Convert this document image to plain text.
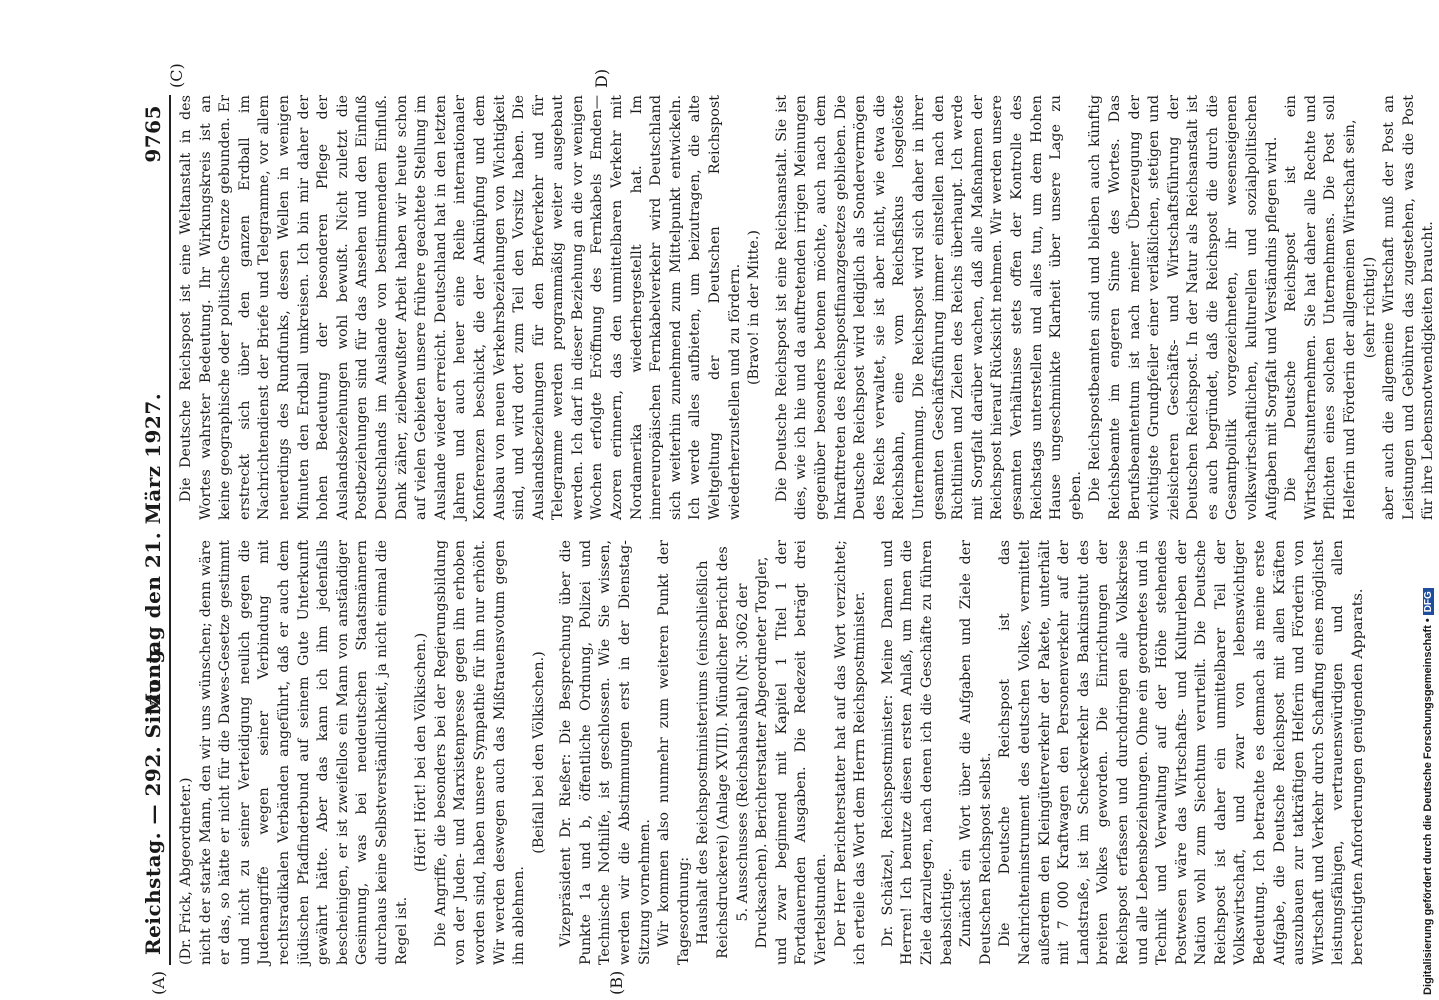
Reichstag. — 292. Sitzung.
Montag den 21. März 1927.
9765
(A)	(B)
(C)	D)

(Dr. Frick, Abgeordneter.) nicht der starke Mann, den wir uns wünschen; denn wäre er das, so hätte er nicht für die Dawes-Gesetze gestimmt und nicht zu seiner Verteidigung neulich gegen die Judenangriffe wegen seiner Verbindung mit rechtsradikalen Verbänden angeführt, daß er auch dem jüdischen Pfadfinderbund auf seinem Gute Unterkunft gewährt hätte. Aber das kann ich ihm jedenfalls bescheinigen, er ist zweifellos ein Mann von anständiger Gesinnung, was bei neudeutschen Staatsmännern durchaus keine Selbstverständlichkeit, ja nicht einmal die Regel ist.

(Hört! Hört! bei den Völkischen.) Die Angriffe, die besonders bei der Regierungsbildung von der Juden- und Marxistenpresse gegen ihn erhoben worden sind, haben unsere Sympathie für ihn nur erhöht. Wir werden deswegen auch das Mißtrauensvotum gegen ihn ablehnen.

(Beifall bei den Völkischen.) Vizepräsident Dr. Rießer: Die Besprechung über die Punkte 1a und b, öffentliche Ordnung, Polizei und Technische Nothilfe, ist geschlossen. Wie Sie wissen, werden wir die Abstimmungen erst in der Dienstag-Sitzung vornehmen. Wir kommen also nunmehr zum weiteren Punkt der Tagesordnung: Haushalt des Reichspostministeriums (einschließlich Reichsdruckerei) (Anlage XVIII). Mündlicher Bericht des 5. Ausschusses (Reichshaushalt) (Nr. 3062 der Drucksachen). Berichterstatter Abgeordneter Torgler, und zwar beginnend mit Kapitel 1 Titel 1 der Fortdauernden Ausgaben. Die Redezeit beträgt drei Viertelstunden. Der Herr Berichterstatter hat auf das Wort verzichtet; ich erteile das Wort dem Herrn Reichspostminister. Dr. Schätzel, Reichspostminister: Meine Damen und Herren! Ich benutze diesen ersten Anlaß, um Ihnen die Ziele darzulegen, nach denen ich die Geschäfte zu führen beabsichtige. Zunächst ein Wort über die Aufgaben und Ziele der Deutschen Reichspost selbst. Die Deutsche Reichspost ist das Nachrichteninstrument des deutschen Volkes, vermittelt außerdem den Kleingüterverkehr der Pakete, unterhält mit 7 000 Kraftwagen den Personenverkehr auf der Landstraße, ist im Scheckverkehr das Bankinstitut des breiten Volkes geworden. Die Einrichtungen der Reichspost erfassen und durchdringen alle Volkskreise und alle Lebensbeziehungen. Ohne ein geordnetes und in Technik und Verwaltung auf der Höhe stehendes Postwesen wäre das Wirtschafts- und Kulturleben der Nation wohl zum Siechtum verurteilt. Die Deutsche Reichspost ist daher ein unmittelbarer Teil der Volkswirtschaft, und zwar von lebenswichtiger Bedeutung. Ich betrachte es demnach als meine erste Aufgabe, die Deutsche Reichspost mit allen Kräften auszubauen zur tatkräftigen Helferin und Förderin von Wirtschaft und Verkehr durch Schaffung eines möglichst leistungsfähigen, vertrauenswürdigen und allen berechtigten Anforderungen genügenden Apparats.

Die Deutsche Reichspost ist eine Weltanstalt in des Wortes wahrster Bedeutung. Ihr Wirkungskreis ist an keine geographische oder politische Grenze gebunden. Er erstreckt sich über den ganzen Erdball im Nachrichtendienst der Briefe und Telegramme, vor allem neuerdings des Rundfunks, dessen Wellen in wenigen Minuten den Erdball umkreisen. Ich bin mir daher der hohen Bedeutung der besonderen Pflege der Auslandsbeziehungen wohl bewußt. Nicht zuletzt die Postbeziehungen sind für das Ansehen und den Einfluß Deutschlands im Auslande von bestimmendem Einfluß. Dank zäher, zielbewußter Arbeit haben wir heute schon auf vielen Gebieten unsere frühere geachtete Stellung im Auslande wieder erreicht. Deutschland hat in den letzten Jahren und auch heuer eine Reihe internationaler Konferenzen beschickt, die der Anknüpfung und dem Ausbau von neuen Verkehrsbeziehungen von Wichtigkeit sind, und wird dort zum Teil den Vorsitz haben. Die Auslandsbeziehungen für den Briefverkehr und für Telegramme werden programmäßig weiter ausgebaut werden. Ich darf in dieser Beziehung an die vor wenigen Wochen erfolgte Eröffnung des Fernkabels Emden—Azoren erinnern, das den unmittelbaren Verkehr mit Nordamerika wiederhergestellt hat. Im innereuropäischen Fernkabelverkehr wird Deutschland sich weiterhin zunehmend zum Mittelpunkt entwickeln. Ich werde alles aufbieten, um beizutragen, die alte Weltgeltung der Deutschen Reichspost wiederherzustellen und zu fördern. (Bravo! in der Mitte.) Die Deutsche Reichspost ist eine Reichsanstalt. Sie ist dies, wie ich hie und da auftretenden irrigen Meinungen gegenüber besonders betonen möchte, auch nach dem Inkrafttreten des Reichspostfinanzgesetzes geblieben. Die Deutsche Reichspost wird lediglich als Sondervermögen des Reichs verwaltet, sie ist aber nicht, wie etwa die Reichsbahn, eine vom Reichsfiskus losgelöste Unternehmung. Die Reichspost wird sich daher in ihrer gesamten Geschäftsführung immer einstellen nach den Richtlinien und Zielen des Reichs überhaupt. Ich werde mit Sorgfalt darüber wachen, daß alle Maßnahmen der Reichspost hierauf Rücksicht nehmen. Wir werden unsere gesamten Verhältnisse stets offen der Kontrolle des Reichstags unterstellen und alles tun, um dem Hohen Hause ungeschminkte Klarheit über unsere Lage zu geben. Die Reichspostbeamten sind und bleiben auch künftig Reichsbeamte im engeren Sinne des Wortes. Das Berufsbeamtentum ist nach meiner Überzeugung der wichtigste Grundpfeiler einer verläßlichen, stetigen und zielsicheren Geschäfts- und Wirtschaftsführung der Deutschen Reichspost. In der Natur als Reichsanstalt ist es auch begründet, daß die Reichspost die durch die Gesamtpolitik vorgezeichneten, ihr wesenseigenen volkswirtschaftlichen, kulturellen und sozialpolitischen Aufgaben mit Sorgfalt und Verständnis pflegen wird. Die Deutsche Reichspost ist ein Wirtschaftsunternehmen. Sie hat daher alle Rechte und Pflichten eines solchen Unternehmens. Die Post soll Helferin und Förderin der allgemeinen Wirtschaft sein, (sehr richtig!) aber auch die allgemeine Wirtschaft muß der Post an Leistungen und Gebühren das zugestehen, was die Post für ihre Lebensnotwendigkeiten braucht.

Digitalisierung gefördert durch die Deutsche Forschungsgemeinschaft •DFG
